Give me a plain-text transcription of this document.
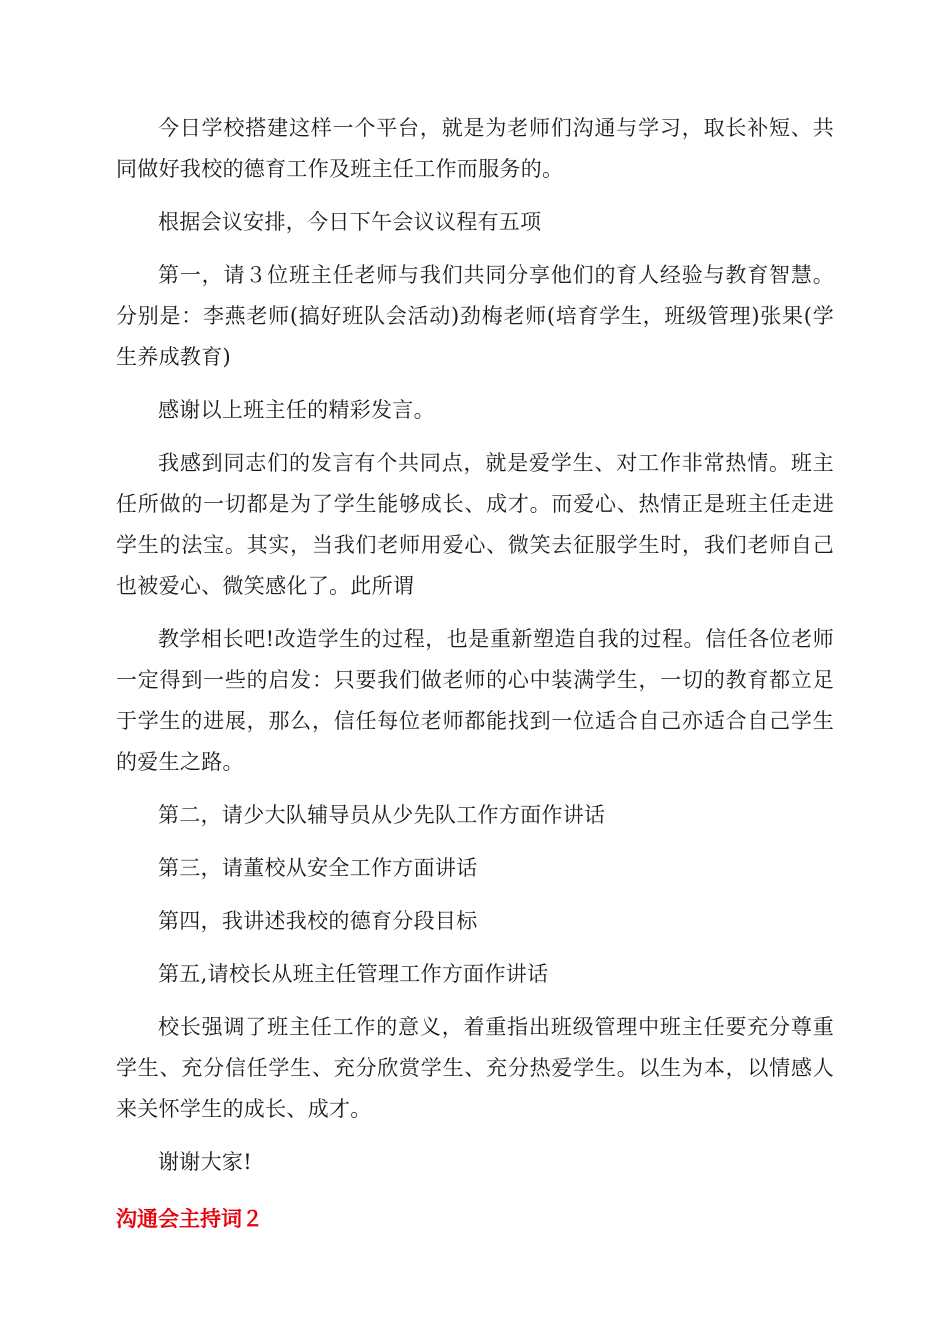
今日学校搭建这样一个平台，就是为老师们沟通与学习，取长补短、共同做好我校的德育工作及班主任工作而服务的。

根据会议安排，今日下午会议议程有五项

第一，请３位班主任老师与我们共同分享他们的育人经验与教育智慧。分别是：李燕老师(搞好班队会活动)劲梅老师(培育学生，班级管理)张果(学生养成教育)

感谢以上班主任的精彩发言。

我感到同志们的发言有个共同点，就是爱学生、对工作非常热情。班主任所做的一切都是为了学生能够成长、成才。而爱心、热情正是班主任走进学生的法宝。其实，当我们老师用爱心、微笑去征服学生时，我们老师自己也被爱心、微笑感化了。此所谓

教学相长吧!改造学生的过程，也是重新塑造自我的过程。信任各位老师一定得到一些的启发：只要我们做老师的心中装满学生，一切的教育都立足于学生的进展，那么，信任每位老师都能找到一位适合自己亦适合自己学生的爱生之路。

第二，请少大队辅导员从少先队工作方面作讲话

第三，请董校从安全工作方面讲话

第四，我讲述我校的德育分段目标

第五,请校长从班主任管理工作方面作讲话

校长强调了班主任工作的意义，着重指出班级管理中班主任要充分尊重学生、充分信任学生、充分欣赏学生、充分热爱学生。以生为本，以情感人来关怀学生的成长、成才。

谢谢大家!

沟通会主持词２
